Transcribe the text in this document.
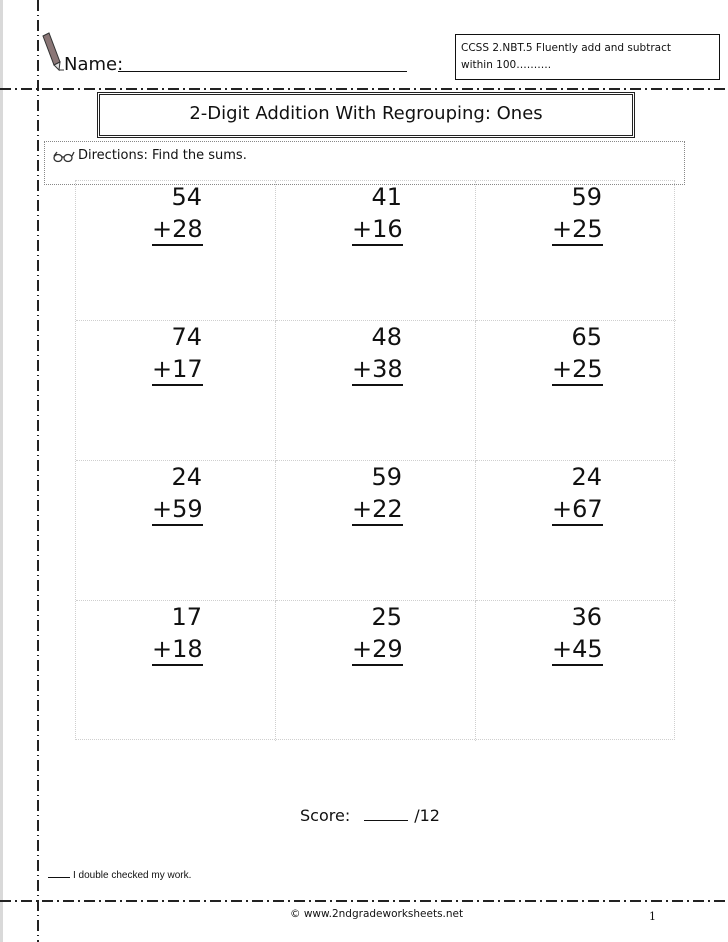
Name:
CCSS 2.NBT.5 Fluently add and subtract
within 100……….
2-Digit Addition With Regrouping: Ones
Directions: Find the sums.
54
+28
41
+16
59
+25
74
+17
48
+38
65
+25
24
+59
59
+22
24
+67
17
+18
25
+29
36
+45
Score:	/12
I double checked my work.
© www.2ndgradeworksheets.net	1
